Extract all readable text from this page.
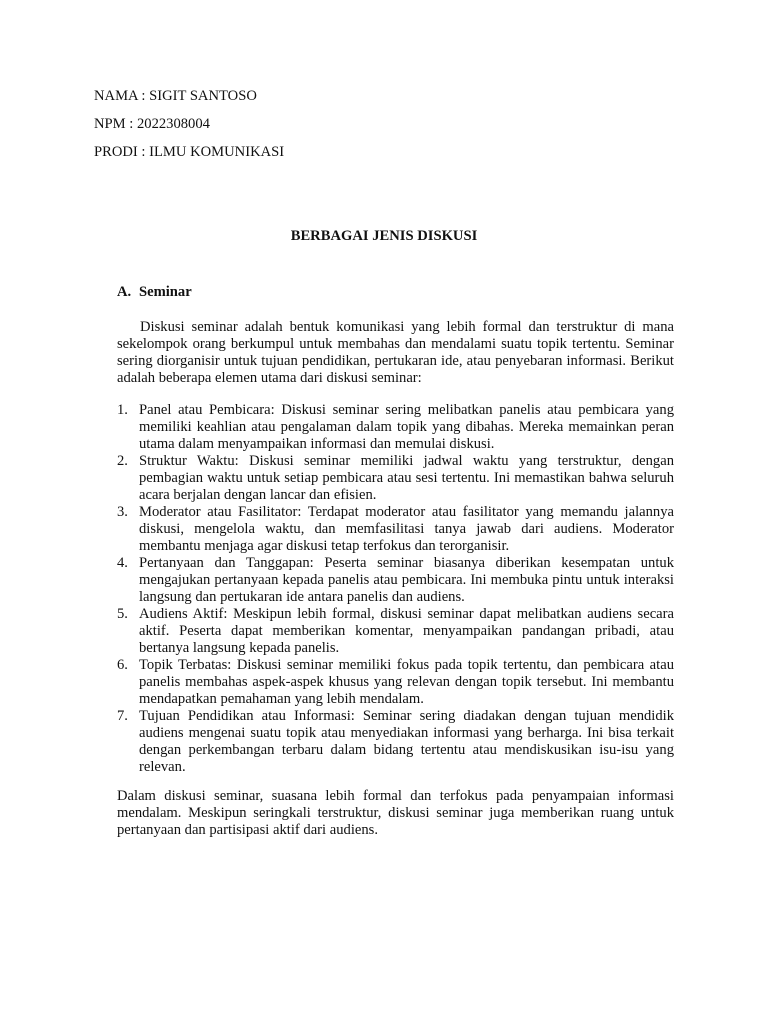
NAMA : SIGIT SANTOSO
NPM : 2022308004
PRODI : ILMU KOMUNIKASI
BERBAGAI JENIS DISKUSI
A. Seminar

Diskusi seminar adalah bentuk komunikasi yang lebih formal dan terstruktur di mana sekelompok orang berkumpul untuk membahas dan mendalami suatu topik tertentu. Seminar sering diorganisir untuk tujuan pendidikan, pertukaran ide, atau penyebaran informasi. Berikut adalah beberapa elemen utama dari diskusi seminar:

1. Panel atau Pembicara: Diskusi seminar sering melibatkan panelis atau pembicara yang memiliki keahlian atau pengalaman dalam topik yang dibahas. Mereka memainkan peran utama dalam menyampaikan informasi dan memulai diskusi.
2. Struktur Waktu: Diskusi seminar memiliki jadwal waktu yang terstruktur, dengan pembagian waktu untuk setiap pembicara atau sesi tertentu. Ini memastikan bahwa seluruh acara berjalan dengan lancar dan efisien.
3. Moderator atau Fasilitator: Terdapat moderator atau fasilitator yang memandu jalannya diskusi, mengelola waktu, dan memfasilitasi tanya jawab dari audiens. Moderator membantu menjaga agar diskusi tetap terfokus dan terorganisir.
4. Pertanyaan dan Tanggapan: Peserta seminar biasanya diberikan kesempatan untuk mengajukan pertanyaan kepada panelis atau pembicara. Ini membuka pintu untuk interaksi langsung dan pertukaran ide antara panelis dan audiens.
5. Audiens Aktif: Meskipun lebih formal, diskusi seminar dapat melibatkan audiens secara aktif. Peserta dapat memberikan komentar, menyampaikan pandangan pribadi, atau bertanya langsung kepada panelis.
6. Topik Terbatas: Diskusi seminar memiliki fokus pada topik tertentu, dan pembicara atau panelis membahas aspek-aspek khusus yang relevan dengan topik tersebut. Ini membantu mendapatkan pemahaman yang lebih mendalam.
7. Tujuan Pendidikan atau Informasi: Seminar sering diadakan dengan tujuan mendidik audiens mengenai suatu topik atau menyediakan informasi yang berharga. Ini bisa terkait dengan perkembangan terbaru dalam bidang tertentu atau mendiskusikan isu-isu yang relevan.

Dalam diskusi seminar, suasana lebih formal dan terfokus pada penyampaian informasi mendalam. Meskipun seringkali terstruktur, diskusi seminar juga memberikan ruang untuk pertanyaan dan partisipasi aktif dari audiens.
